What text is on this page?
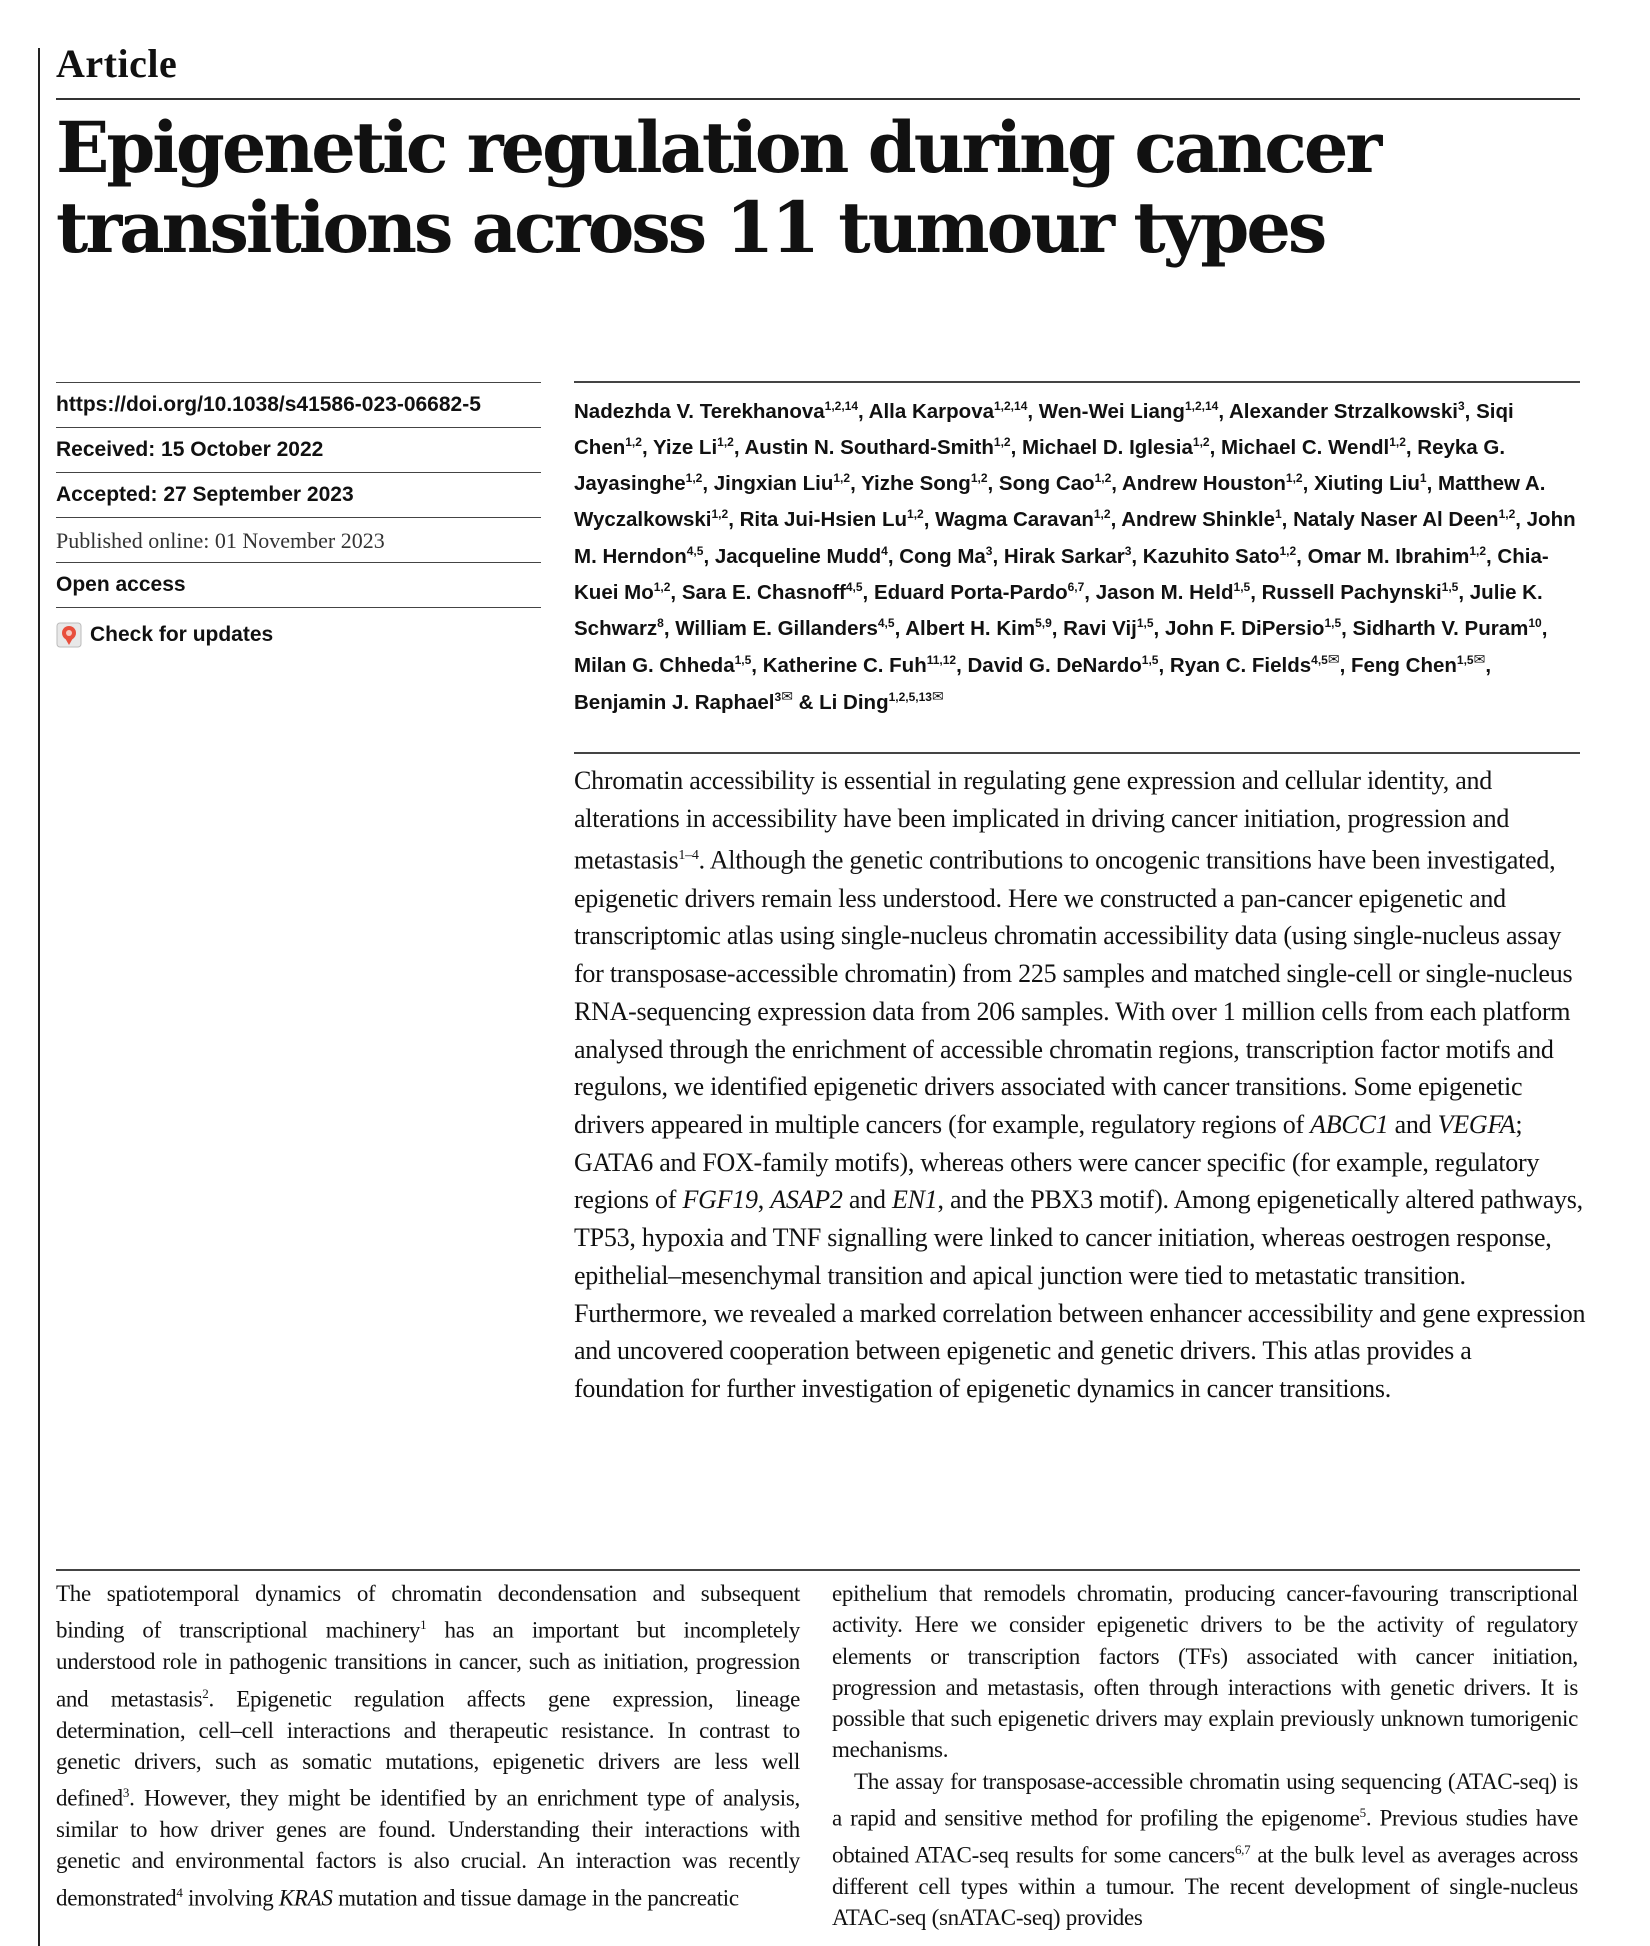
Article
Epigenetic regulation during cancer transitions across 11 tumour types
https://doi.org/10.1038/s41586-023-06682-5
Received: 15 October 2022
Accepted: 27 September 2023
Published online: 01 November 2023
Open access
Check for updates

Nadezhda V. Terekhanova$^{1,2,14}$, Alla Karpova$^{1,2,14}$, Wen-Wei Liang$^{1,2,14}$, Alexander Strzalkowski$^3$, Siqi Chen$^{1,2}$, Yize Li$^{1,2}$, Austin N. Southard-Smith$^{1,2}$, Michael D. Iglesia$^{1,2}$, Michael C. Wendl$^{1,2}$, Reyka G. Jayasinghe$^{1,2}$, Jingxian Liu$^{1,2}$, Yizhe Song$^{1,2}$, Song Cao$^{1,2}$, Andrew Houston$^{1,2}$, Xiuting Liu$^1$, Matthew A. Wyczalkowski$^{1,2}$, Rita Jui-Hsien Lu$^{1,2}$, Wagma Caravan$^{1,2}$, Andrew Shinkle$^1$, Nataly Naser Al Deen$^{1,2}$, John M. Herndon$^{4,5}$, Jacqueline Mudd$^4$, Cong Ma$^3$, Hirak Sarkar$^3$, Kazuhito Sato$^{1,2}$, Omar M. Ibrahim$^{1,2}$, Chia-Kuei Mo$^{1,2}$, Sara E. Chasnoff$^{4,5}$, Eduard Porta-Pardo$^{6,7}$, Jason M. Held$^{1,5}$, Russell Pachynski$^{1,5}$, Julie K. Schwarz$^8$, William E. Gillanders$^{4,5}$, Albert H. Kim$^{5,9}$, Ravi Vij$^{1,5}$, John F. DiPersio$^{1,5}$, Sidharth V. Puram$^{10}$, Milan G. Chheda$^{1,5}$, Katherine C. Fuh$^{11,12}$, David G. DeNardo$^{1,5}$, Ryan C. Fields$^{4,5✉}$, Feng Chen$^{1,5✉}$, Benjamin J. Raphael$^{3✉}$ & Li Ding$^{1,2,5,13✉}$

Chromatin accessibility is essential in regulating gene expression and cellular identity, and alterations in accessibility have been implicated in driving cancer initiation, progression and metastasis$^{1-4}$. Although the genetic contributions to oncogenic transitions have been investigated, epigenetic drivers remain less understood. Here we constructed a pan-cancer epigenetic and transcriptomic atlas using single-nucleus chromatin accessibility data (using single-nucleus assay for transposase-accessible chromatin) from 225 samples and matched single-cell or single-nucleus RNA-sequencing expression data from 206 samples. With over 1 million cells from each platform analysed through the enrichment of accessible chromatin regions, transcription factor motifs and regulons, we identified epigenetic drivers associated with cancer transitions. Some epigenetic drivers appeared in multiple cancers (for example, regulatory regions of ABCC1 and VEGFA; GATA6 and FOX-family motifs), whereas others were cancer specific (for example, regulatory regions of FGF19, ASAP2 and EN1, and the PBX3 motif). Among epigenetically altered pathways, TP53, hypoxia and TNF signalling were linked to cancer initiation, whereas oestrogen response, epithelial–mesenchymal transition and apical junction were tied to metastatic transition. Furthermore, we revealed a marked correlation between enhancer accessibility and gene expression and uncovered cooperation between epigenetic and genetic drivers. This atlas provides a foundation for further investigation of epigenetic dynamics in cancer transitions.

The spatiotemporal dynamics of chromatin decondensation and subsequent binding of transcriptional machinery$^1$ has an important but incompletely understood role in pathogenic transitions in cancer, such as initiation, progression and metastasis$^2$. Epigenetic regulation affects gene expression, lineage determination, cell–cell interactions and therapeutic resistance. In contrast to genetic drivers, such as somatic mutations, epigenetic drivers are less well defined$^3$. However, they might be identified by an enrichment type of analysis, similar to how driver genes are found. Understanding their interactions with genetic and environmental factors is also crucial. An interaction was recently demonstrated$^4$ involving KRAS mutation and tissue damage in the pancreatic

epithelium that remodels chromatin, producing cancer-favouring transcriptional activity. Here we consider epigenetic drivers to be the activity of regulatory elements or transcription factors (TFs) associated with cancer initiation, progression and metastasis, often through interactions with genetic drivers. It is possible that such epigenetic drivers may explain previously unknown tumorigenic mechanisms.

The assay for transposase-accessible chromatin using sequencing (ATAC-seq) is a rapid and sensitive method for profiling the epigenome$^5$. Previous studies have obtained ATAC-seq results for some cancers$^{6,7}$ at the bulk level as averages across different cell types within a tumour. The recent development of single-nucleus ATAC-seq (snATAC-seq) provides
